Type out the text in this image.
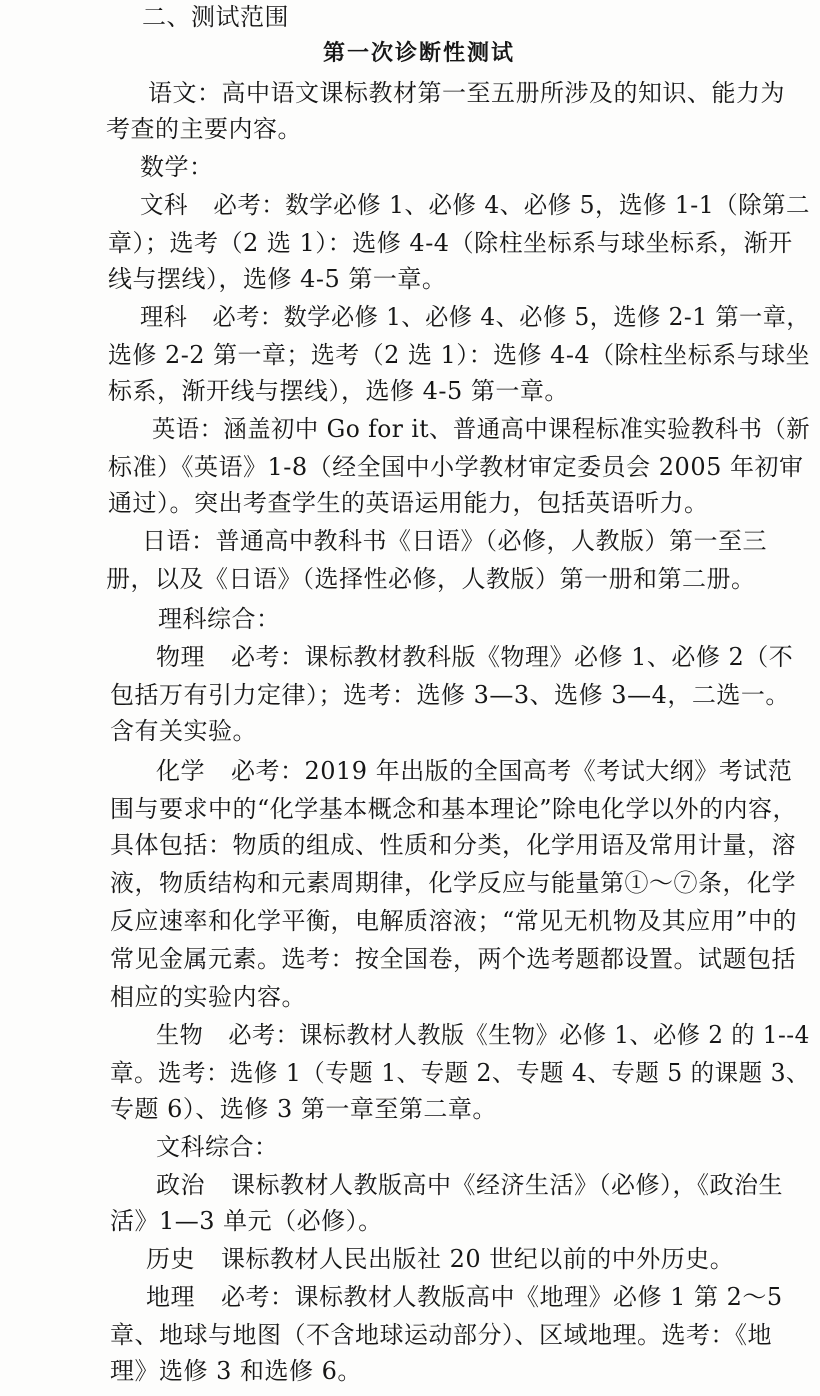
二、测试范围
第一次诊断性测试
语文：高中语文课标教材第一至五册所涉及的知识、能力为
考查的主要内容。
数学：
文科 必考：数学必修 1、必修 4、必修 5，选修 1-1（除第二
章）；选考（2 选 1）：选修 4-4（除柱坐标系与球坐标系，渐开
线与摆线），选修 4-5 第一章。
理科 必考：数学必修 1、必修 4、必修 5，选修 2-1 第一章，
选修 2-2 第一章；选考（2 选 1）：选修 4-4（除柱坐标系与球坐
标系，渐开线与摆线），选修 4-5 第一章。
英语：涵盖初中 Go for it、普通高中课程标准实验教科书（新
标准）《英语》1-8（经全国中小学教材审定委员会 2005 年初审
通过）。突出考查学生的英语运用能力，包括英语听力。
日语：普通高中教科书《日语》（必修，人教版）第一至三
册，以及《日语》（选择性必修，人教版）第一册和第二册。
理科综合：
物理 必考：课标教材教科版《物理》必修 1、必修 2（不
包括万有引力定律）；选考：选修 3—3、选修 3—4，二选一。
含有关实验。
化学 必考：2019 年出版的全国高考《考试大纲》考试范
围与要求中的“化学基本概念和基本理论”除电化学以外的内容，
具体包括：物质的组成、性质和分类，化学用语及常用计量，溶
液，物质结构和元素周期律，化学反应与能量第①～⑦条，化学
反应速率和化学平衡，电解质溶液；“常见无机物及其应用”中的
常见金属元素。选考：按全国卷，两个选考题都设置。试题包括
相应的实验内容。
生物 必考：课标教材人教版《生物》必修 1、必修 2 的 1--4
章。选考：选修 1（专题 1、专题 2、专题 4、专题 5 的课题 3、
专题 6）、选修 3 第一章至第二章。
文科综合：
政治 课标教材人教版高中《经济生活》（必修），《政治生
活》1—3 单元（必修）。
历史 课标教材人民出版社 20 世纪以前的中外历史。
地理 必考：课标教材人教版高中《地理》必修 1 第 2～5
章、地球与地图（不含地球运动部分）、区域地理。选考：《地
理》选修 3 和选修 6。
